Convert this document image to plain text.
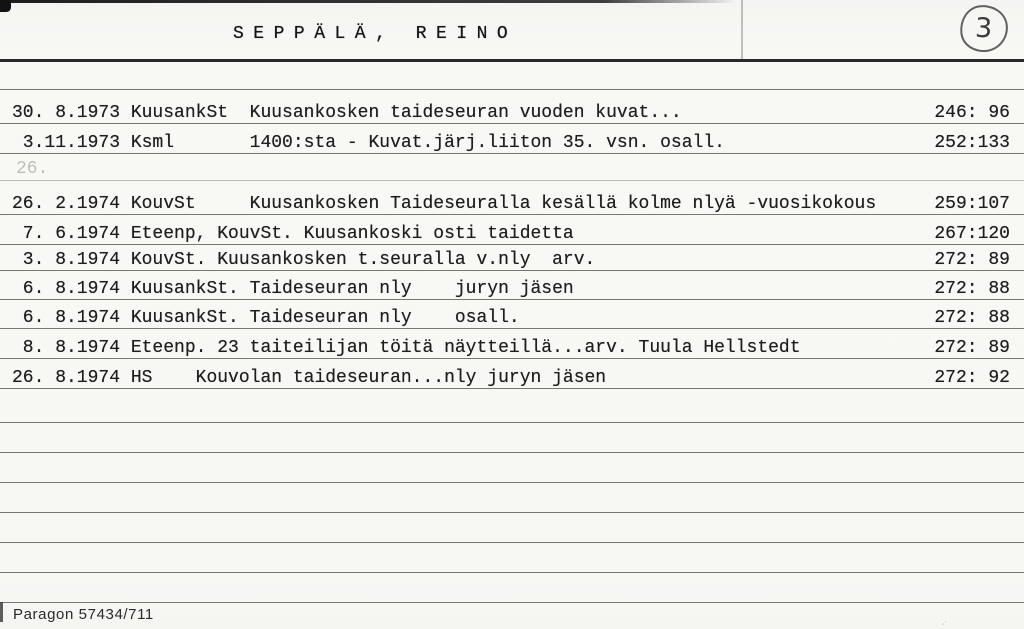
SEPPÄLÄ, REINO	3
30. 8.1973 KuusankSt  Kuusankosken taideseuran vuoden kuvat...	246: 96
3.11.1973 Ksml       1400:sta - Kuvat.järj.liiton 35. vsn. osall.	252:133
26. 2.1974 KouvSt     Kuusankosken Taideseuralla kesällä kolme nlyä -vuosikokous	259:107
7. 6.1974 Eteenp, KouvSt. Kuusankoski osti taidetta	267:120
3. 8.1974 KouvSt. Kuusankosken t.seuralla v.nly  arv.	272: 89
6. 8.1974 KuusankSt. Taideseuran nly    juryn jäsen	272: 88
6. 8.1974 KuusankSt. Taideseuran nly    osall.	272: 88
8. 8.1974 Eteenp. 23 taiteilijan töitä näytteillä...arv. Tuula Hellstedt	272: 89
26. 8.1974 HS    Kouvolan taideseuran...nly juryn jäsen	272: 92
26.
Paragon 57434/711	,·
